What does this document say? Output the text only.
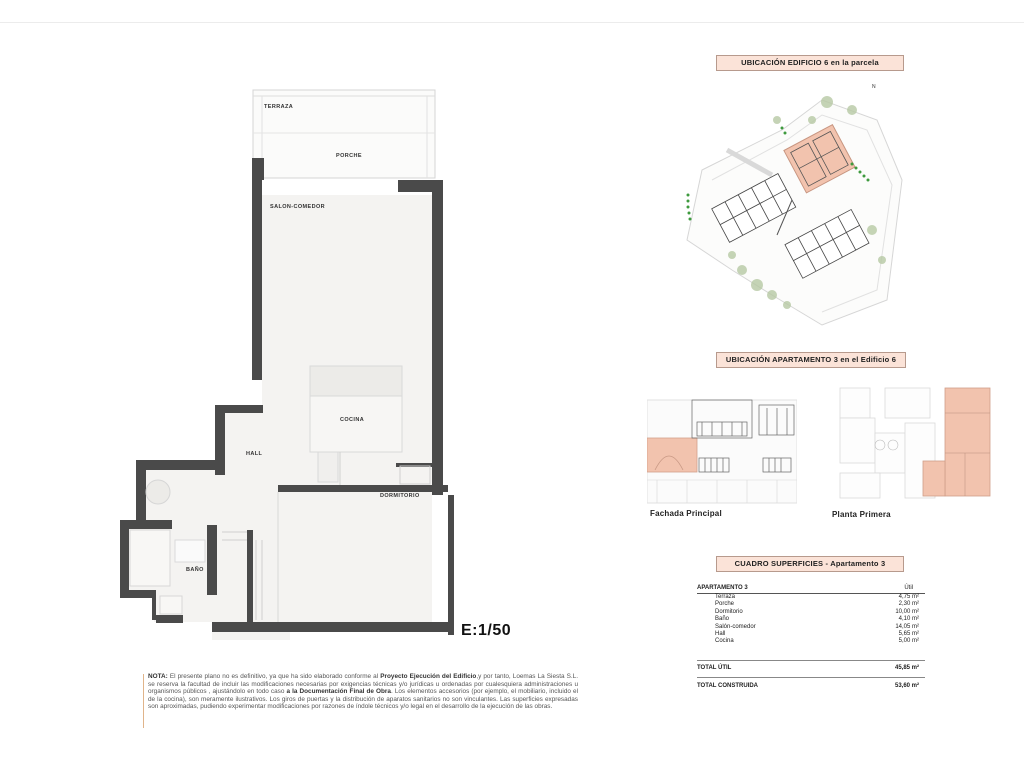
TERRAZA
PORCHE
SALON-COMEDOR
COCINA
HALL
DORMITORIO
BAÑO
E:1/50
UBICACIÓN EDIFICIO 6 en la parcela
N
UBICACIÓN APARTAMENTO 3 en el Edificio 6
Fachada Principal	Planta Primera
CUADRO SUPERFICIES - Apartamento 3
APARTAMENTO 3	Útil
Terraza	4,75 m²
Porche	2,30 m²
Dormitorio	10,00 m²
Baño	4,10 m²
Salón-comedor	14,05 m²
Hall	5,65 m²
Cocina	5,00 m²
TOTAL ÚTIL	45,85 m²
TOTAL CONSTRUIDA	53,60 m²
NOTA: El presente plano no es definitivo, ya que ha sido elaborado conforme al Proyecto Ejecución del Edificio,y por tanto, Loemas La Siesta S.L. se reserva la facultad de incluir las modificaciones necesarias por exigencias técnicas y/o jurídicas u ordenadas por cualesquiera administraciones u organismos públicos , ajustándolo en todo caso a la Documentación Final de Obra. Los elementos accesorios (por ejemplo, el mobiliario, incluido el de la cocina), son meramente ilustrativos. Los giros de puertas y la distribución de aparatos sanitarios no son vinculantes. Las superficies expresadas son aproximadas, pudiendo experimentar modificaciones por razones de índole técnicos y/o legal en el desarrollo de la ejecución de las obras.
